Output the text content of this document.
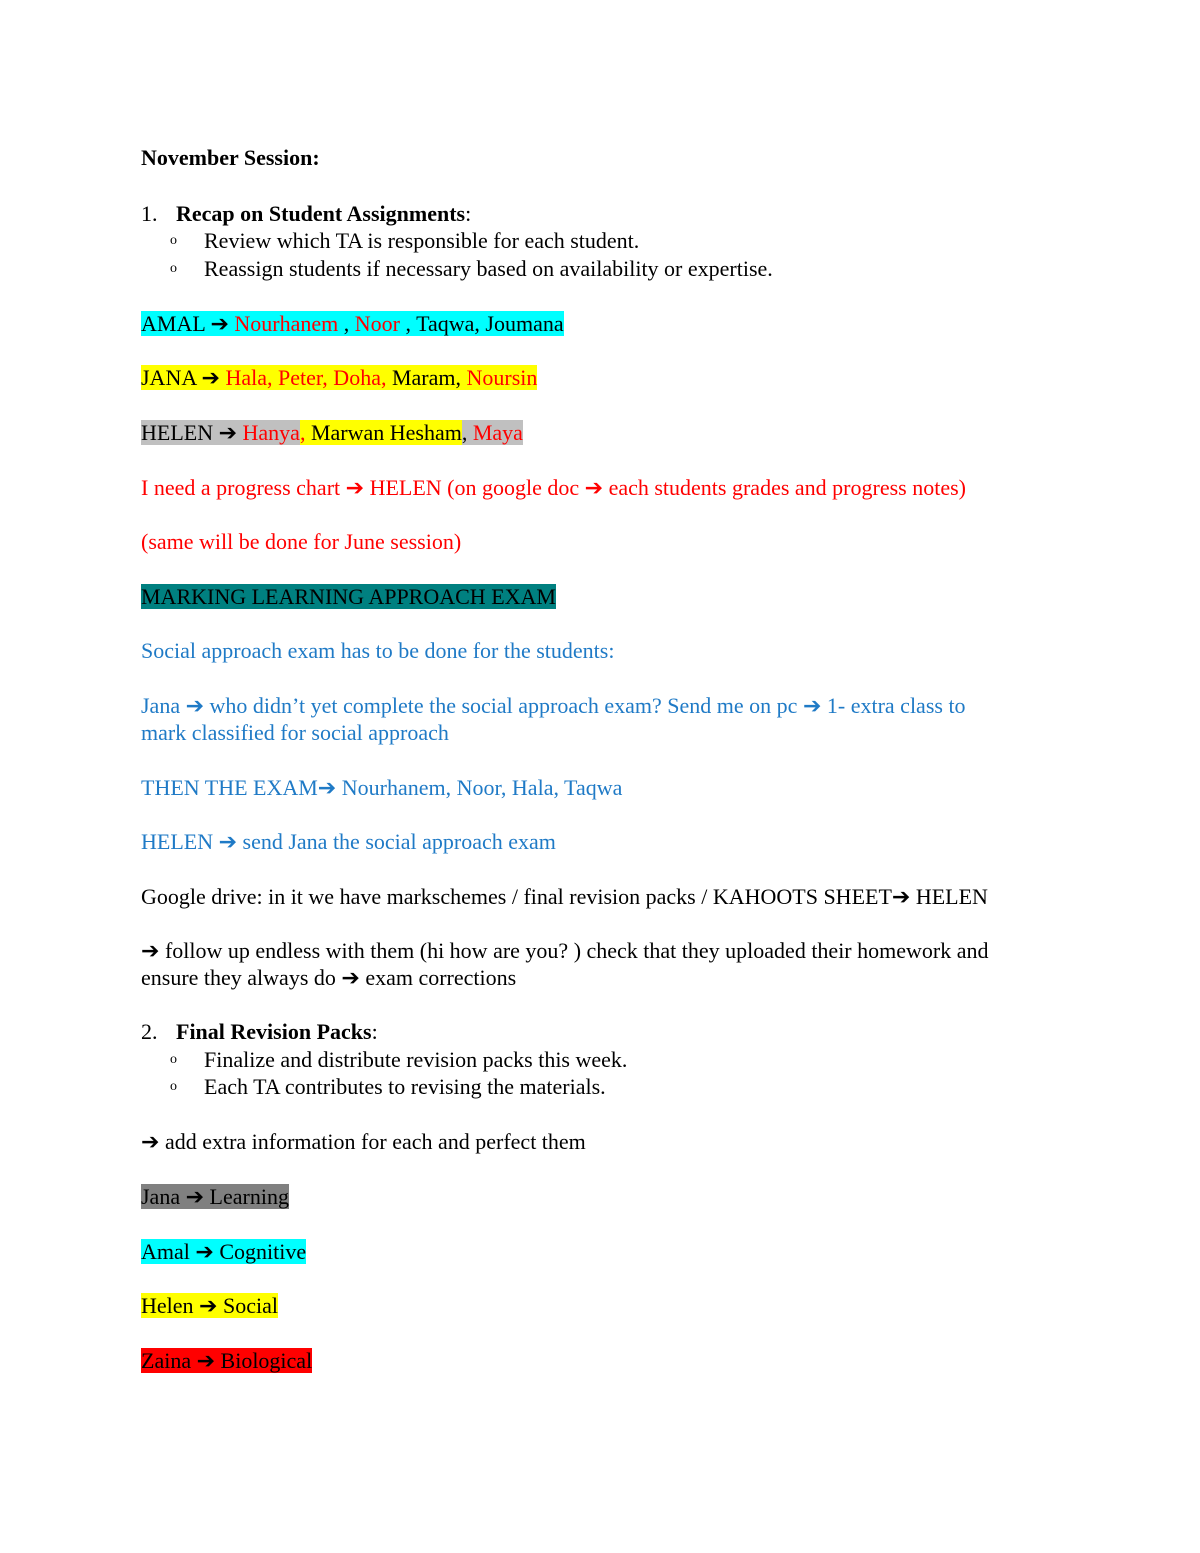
November Session:
1. Recap on Student Assignments:
o Review which TA is responsible for each student.
o Reassign students if necessary based on availability or expertise.
AMAL ➔ Nourhanem , Noor , Taqwa, Joumana
JANA ➔ Hala, Peter, Doha, Maram, Noursin
HELEN ➔ Hanya, Marwan Hesham, Maya
I need a progress chart ➔ HELEN (on google doc ➔ each students grades and progress notes)
(same will be done for June session)
MARKING LEARNING APPROACH EXAM
Social approach exam has to be done for the students:
Jana ➔ who didn’t yet complete the social approach exam? Send me on pc ➔ 1- extra class to
mark classified for social approach
THEN THE EXAM➔ Nourhanem, Noor, Hala, Taqwa
HELEN ➔ send Jana the social approach exam
Google drive: in it we have markschemes / final revision packs / KAHOOTS SHEET➔ HELEN
➔ follow up endless with them (hi how are you? ) check that they uploaded their homework and
ensure they always do ➔ exam corrections
2. Final Revision Packs:
o Finalize and distribute revision packs this week.
o Each TA contributes to revising the materials.
➔ add extra information for each and perfect them
Jana ➔ Learning
Amal ➔ Cognitive
Helen ➔ Social
Zaina ➔ Biological
